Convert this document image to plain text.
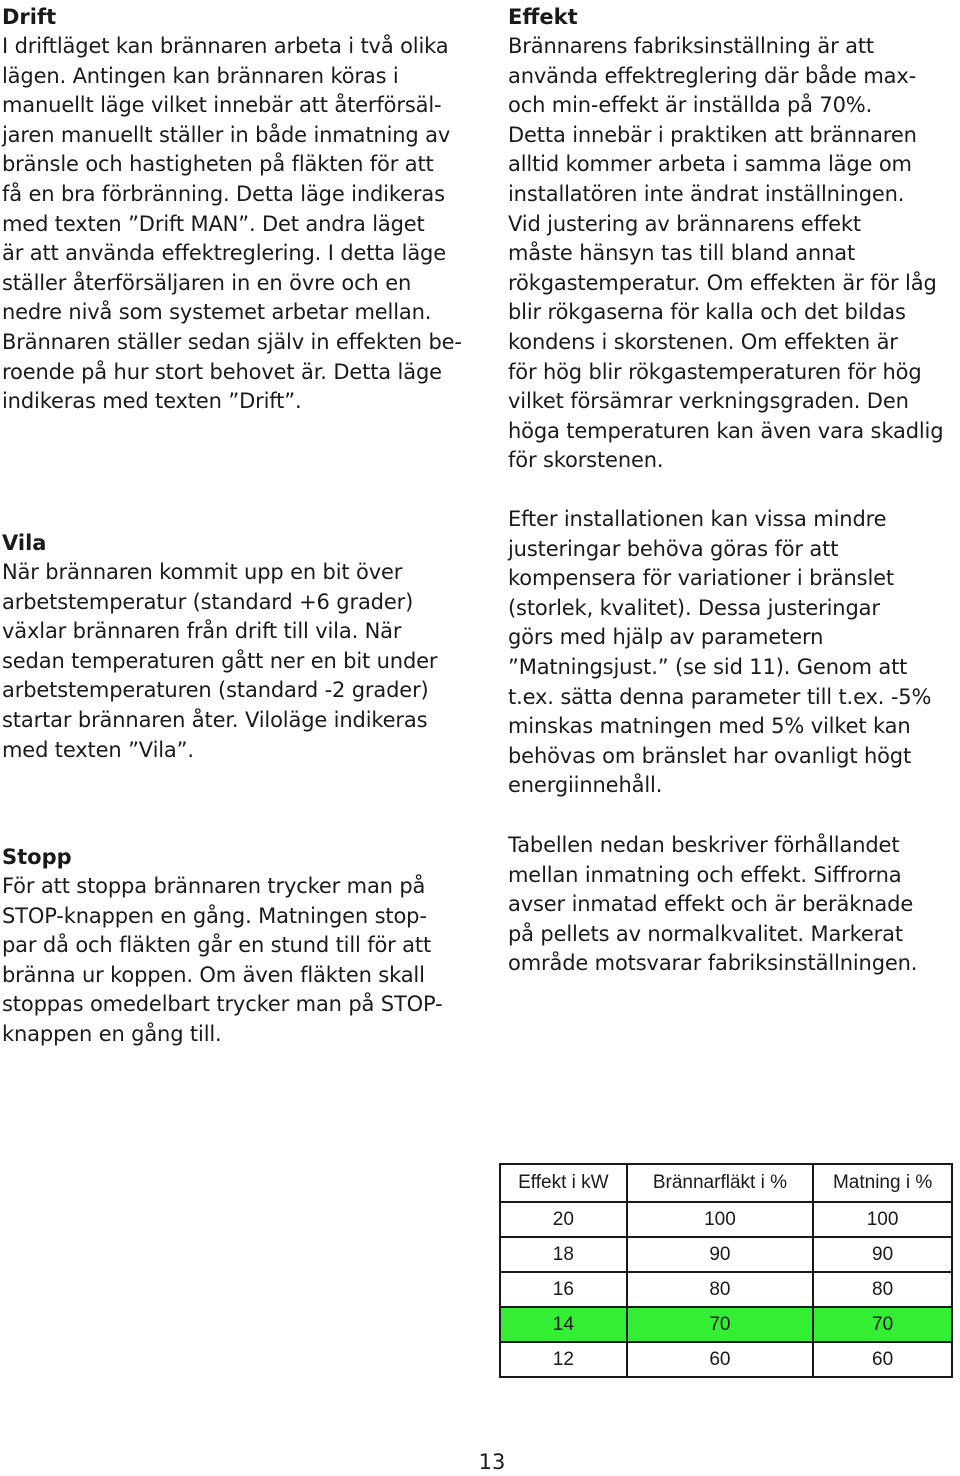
Drift

I driftläget kan brännaren arbeta i två olika
lägen. Antingen kan brännaren köras i
manuellt läge vilket innebär att återförsäl-
jaren manuellt ställer in både inmatning av
bränsle och hastigheten på fläkten för att
få en bra förbränning. Detta läge indikeras
med texten ”Drift MAN”. Det andra läget
är att använda effektreglering. I detta läge
ställer återförsäljaren in en övre och en
nedre nivå som systemet arbetar mellan.
Brännaren ställer sedan själv in effekten be-
roende på hur stort behovet är. Detta läge
indikeras med texten ”Drift”.

Vila

När brännaren kommit upp en bit över
arbetstemperatur (standard +6 grader)
växlar brännaren från drift till vila. När
sedan temperaturen gått ner en bit under
arbetstemperaturen (standard -2 grader)
startar brännaren åter. Viloläge indikeras
med texten ”Vila”.

Stopp

För att stoppa brännaren trycker man på
STOP-knappen en gång. Matningen stop-
par då och fläkten går en stund till för att
bränna ur koppen. Om även fläkten skall
stoppas omedelbart trycker man på STOP-
knappen en gång till.

Effekt

Brännarens fabriksinställning är att
använda effektreglering där både max-
och min-effekt är inställda på 70%.
Detta innebär i praktiken att brännaren
alltid kommer arbeta i samma läge om
installatören inte ändrat inställningen.
Vid justering av brännarens effekt
måste hänsyn tas till bland annat
rökgastemperatur. Om effekten är för låg
blir rökgaserna för kalla och det bildas
kondens i skorstenen. Om effekten är
för hög blir rökgastemperaturen för hög
vilket försämrar verkningsgraden. Den
höga temperaturen kan även vara skadlig
för skorstenen.

Efter installationen kan vissa mindre
justeringar behöva göras för att
kompensera för variationer i bränslet
(storlek, kvalitet). Dessa justeringar
görs med hjälp av parametern
”Matningsjust.” (se sid 11). Genom att
t.ex. sätta denna parameter till t.ex. -5%
minskas matningen med 5% vilket kan
behövas om bränslet har ovanligt högt
energiinnehåll.

Tabellen nedan beskriver förhållandet
mellan inmatning och effekt. Siffrorna
avser inmatad effekt och är beräknade
på pellets av normalkvalitet. Markerat
område motsvarar fabriksinställningen.

Effekt i kW	Brännarfläkt i %	Matning i %
20	100	100
18	90	90
16	80	80
14	70	70
12	60	60
13
